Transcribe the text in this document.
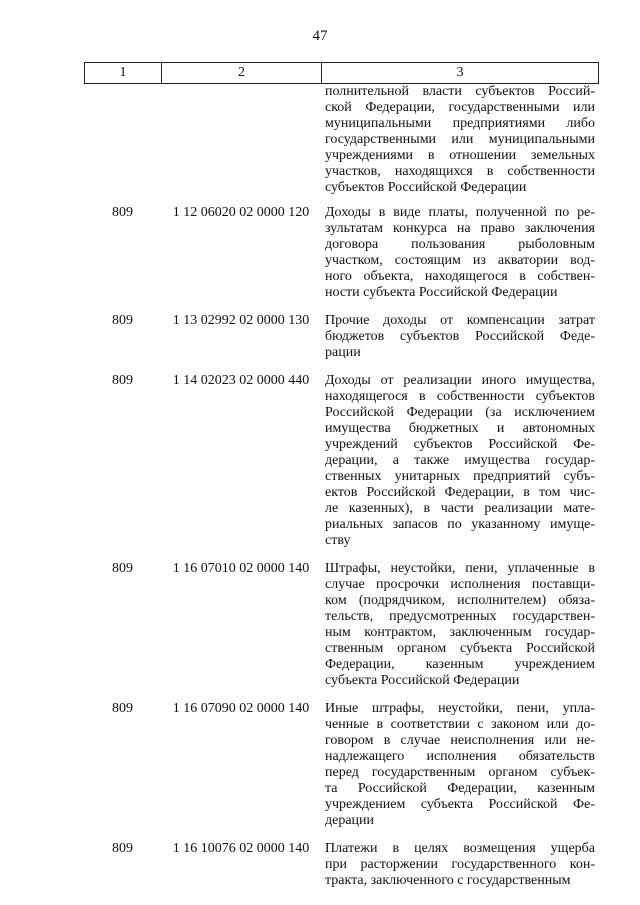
47
1	2	3
полнительной власти субъектов Россий-
ской Федерации, государственными или
муниципальными предприятиями либо
государственными или муниципальными
учреждениями в отношении земельных
участков, находящихся в собственности
субъектов Российской Федерации
809	1 12 06020 02 0000 120	Доходы в виде платы, полученной по ре-
зультатам конкурса на право заключения
договора пользования рыболовным
участком, состоящим из акватории вод-
ного объекта, находящегося в собствен-
ности субъекта Российской Федерации
809	1 13 02992 02 0000 130	Прочие доходы от компенсации затрат
бюджетов субъектов Российской Феде-
рации
809	1 14 02023 02 0000 440	Доходы от реализации иного имущества,
находящегося в собственности субъектов
Российской Федерации (за исключением
имущества бюджетных и автономных
учреждений субъектов Российской Фе-
дерации, а также имущества государ-
ственных унитарных предприятий субъ-
ектов Российской Федерации, в том чис-
ле казенных), в части реализации мате-
риальных запасов по указанному имуще-
ству
809	1 16 07010 02 0000 140	Штрафы, неустойки, пени, уплаченные в
случае просрочки исполнения поставщи-
ком (подрядчиком, исполнителем) обяза-
тельств, предусмотренных государствен-
ным контрактом, заключенным государ-
ственным органом субъекта Российской
Федерации, казенным учреждением
субъекта Российской Федерации
809	1 16 07090 02 0000 140	Иные штрафы, неустойки, пени, упла-
ченные в соответствии с законом или до-
говором в случае неисполнения или не-
надлежащего исполнения обязательств
перед государственным органом субъек-
та Российской Федерации, казенным
учреждением субъекта Российской Фе-
дерации
809	1 16 10076 02 0000 140	Платежи в целях возмещения ущерба
при расторжении государственного кон-
тракта, заключенного с государственным
